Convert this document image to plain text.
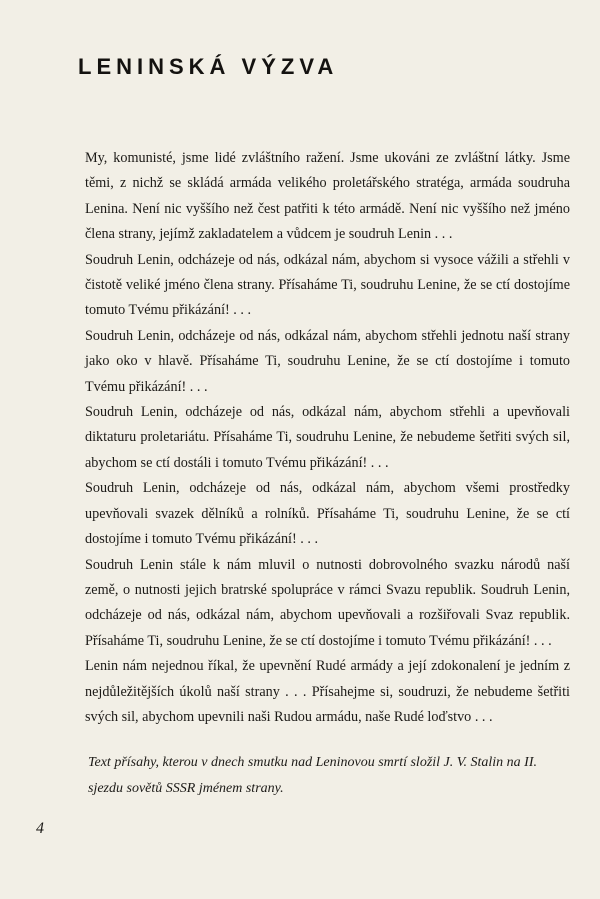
LENINSKÁ VÝZVA

My, komunisté, jsme lidé zvláštního ražení. Jsme ukováni ze zvláštní látky. Jsme těmi, z nichž se skládá armáda velikého proletářského stratéga, armáda soudruha Lenina. Není nic vyššího než čest patřiti k této armádě. Není nic vyššího než jméno člena strany, jejímž zakladatelem a vůdcem je soudruh Lenin . . .

Soudruh Lenin, odcházeje od nás, odkázal nám, abychom si vysoce vážili a střehli v čistotě veliké jméno člena strany. Přísaháme Ti, soudruhu Lenine, že se ctí dostojíme tomuto Tvému přikázání! . . .

Soudruh Lenin, odcházeje od nás, odkázal nám, abychom střehli jednotu naší strany jako oko v hlavě. Přísaháme Ti, soudruhu Lenine, že se ctí dostojíme i tomuto Tvému přikázání! . . .

Soudruh Lenin, odcházeje od nás, odkázal nám, abychom střehli a upevňovali diktaturu proletariátu. Přísaháme Ti, soudruhu Lenine, že nebudeme šetřiti svých sil, abychom se ctí dostáli i tomuto Tvému přikázání! . . .

Soudruh Lenin, odcházeje od nás, odkázal nám, abychom všemi prostředky upevňovali svazek dělníků a rolníků. Přísaháme Ti, soudruhu Lenine, že se ctí dostojíme i tomuto Tvému přikázání! . . .

Soudruh Lenin stále k nám mluvil o nutnosti dobrovolného svazku národů naší země, o nutnosti jejich bratrské spolupráce v rámci Svazu republik. Soudruh Lenin, odcházeje od nás, odkázal nám, abychom upevňovali a rozšiřovali Svaz republik. Přísaháme Ti, soudruhu Lenine, že se ctí dostojíme i tomuto Tvému přikázání! . . .

Lenin nám nejednou říkal, že upevnění Rudé armády a její zdokonalení je jedním z nejdůležitějších úkolů naší strany . . . Přísahejme si, soudruzi, že nebudeme šetřiti svých sil, abychom upevnili naši Rudou armádu, naše Rudé loďstvo . . .

Text přísahy, kterou v dnech smutku nad Leninovou smrtí složil J. V. Stalin na II. sjezdu sovětů SSSR jménem strany.

4
